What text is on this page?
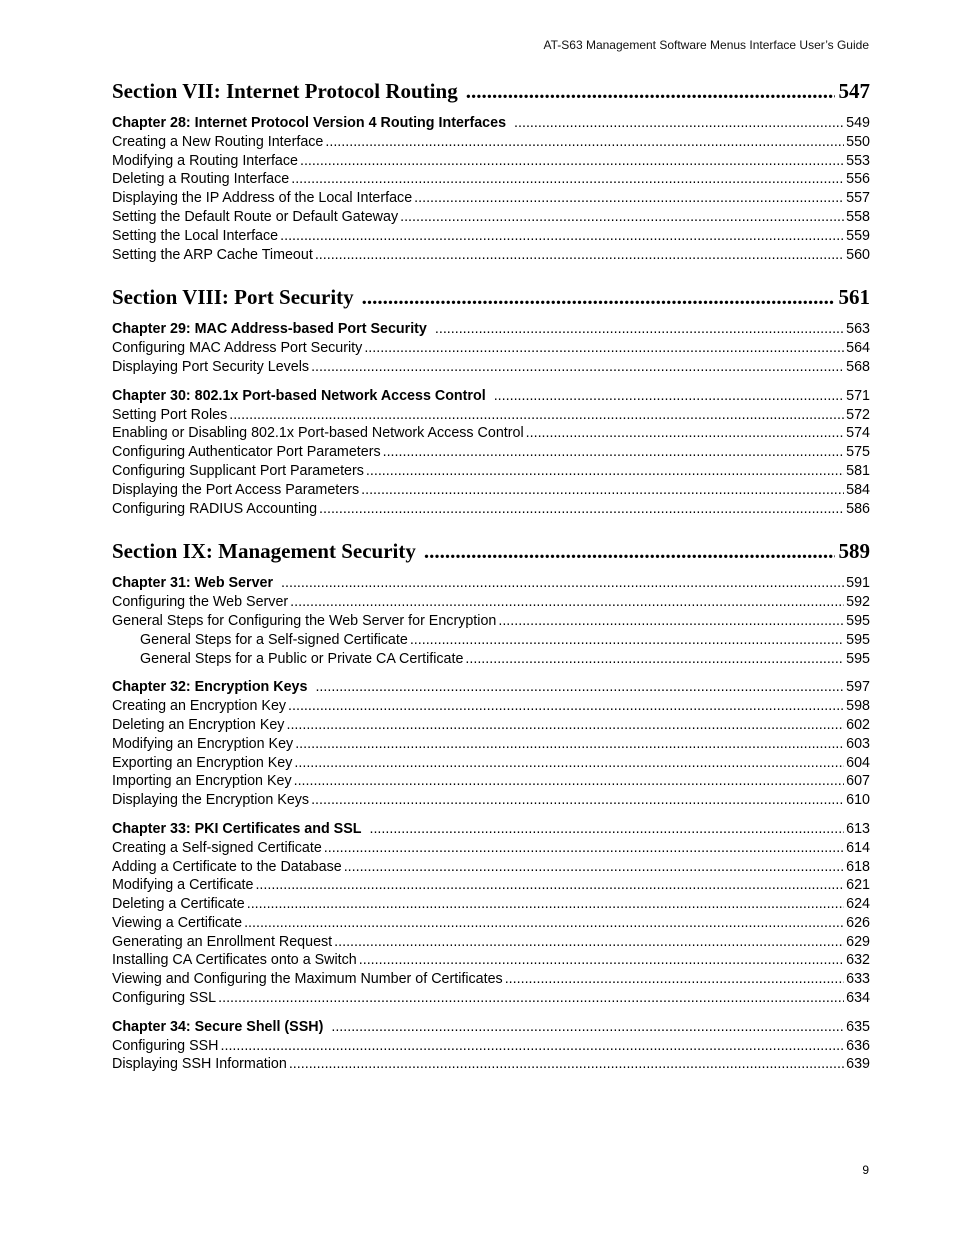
AT-S63 Management Software Menus Interface User’s Guide
Section VII: Internet Protocol Routing .....	547
Chapter 28: Internet Protocol Version 4 Routing Interfaces .....	549
Creating a New Routing Interface .....	550
Modifying a Routing Interface .....	553
Deleting a Routing Interface .....	556
Displaying the IP Address of the Local Interface .....	557
Setting the Default Route or Default Gateway .....	558
Setting the Local Interface .....	559
Setting the ARP Cache Timeout .....	560
Section VIII: Port Security .....	561
Chapter 29: MAC Address-based Port Security .....	563
Configuring MAC Address Port Security .....	564
Displaying Port Security Levels .....	568
Chapter 30: 802.1x Port-based Network Access Control .....	571
Setting Port Roles .....	572
Enabling or Disabling 802.1x Port-based Network Access Control .....	574
Configuring Authenticator Port Parameters .....	575
Configuring Supplicant Port Parameters .....	581
Displaying the Port Access Parameters .....	584
Configuring RADIUS Accounting .....	586
Section IX: Management Security .....	589
Chapter 31: Web Server .....	591
Configuring the Web Server .....	592
General Steps for Configuring the Web Server for Encryption .....	595
General Steps for a Self-signed Certificate .....	595
General Steps for a Public or Private CA Certificate .....	595
Chapter 32: Encryption Keys .....	597
Creating an Encryption Key .....	598
Deleting an Encryption Key .....	602
Modifying an Encryption Key .....	603
Exporting an Encryption Key .....	604
Importing an Encryption Key .....	607
Displaying the Encryption Keys .....	610
Chapter 33: PKI Certificates and SSL .....	613
Creating a Self-signed Certificate .....	614
Adding a Certificate to the Database .....	618
Modifying a Certificate .....	621
Deleting a Certificate .....	624
Viewing a Certificate .....	626
Generating an Enrollment Request .....	629
Installing CA Certificates onto a Switch .....	632
Viewing and Configuring the Maximum Number of Certificates .....	633
Configuring SSL .....	634
Chapter 34: Secure Shell (SSH) .....	635
Configuring SSH .....	636
Displaying SSH Information .....	639
9
